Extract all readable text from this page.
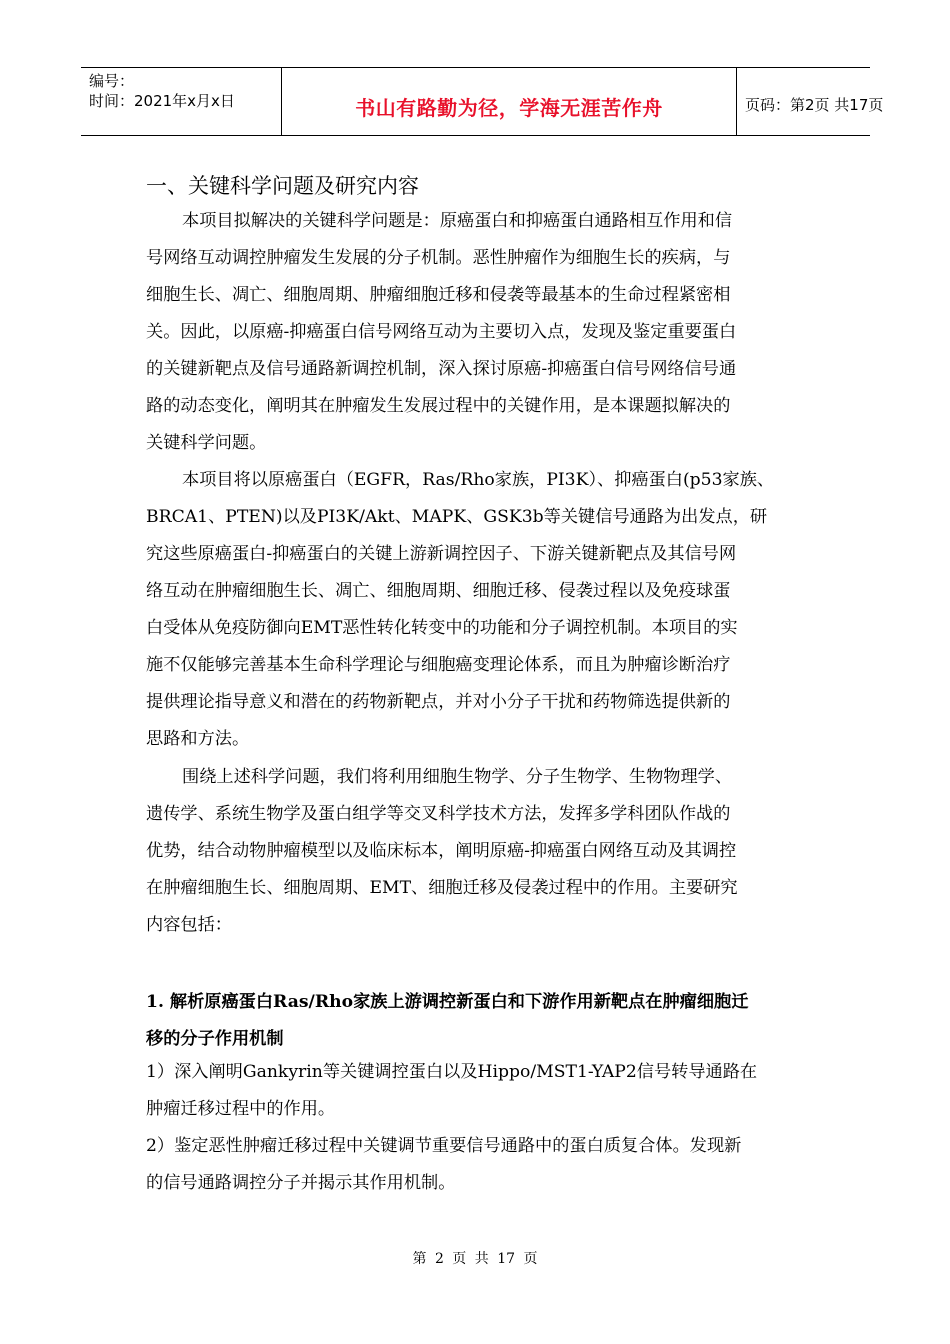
编号：
时间：2021年x月x日	书山有路勤为径，学海无涯苦作舟	页码：第2页 共17页
一、关键科学问题及研究内容
本项目拟解决的关键科学问题是：原癌蛋白和抑癌蛋白通路相互作用和信
号网络互动调控肿瘤发生发展的分子机制。恶性肿瘤作为细胞生长的疾病，与
细胞生长、凋亡、细胞周期、肿瘤细胞迁移和侵袭等最基本的生命过程紧密相
关。因此，以原癌-抑癌蛋白信号网络互动为主要切入点，发现及鉴定重要蛋白
的关键新靶点及信号通路新调控机制，深入探讨原癌-抑癌蛋白信号网络信号通
路的动态变化，阐明其在肿瘤发生发展过程中的关键作用，是本课题拟解决的
关键科学问题。
本项目将以原癌蛋白（EGFR，Ras/Rho家族，PI3K）、抑癌蛋白(p53家族、
BRCA1、PTEN)以及PI3K/Akt、MAPK、GSK3b等关键信号通路为出发点，研
究这些原癌蛋白-抑癌蛋白的关键上游新调控因子、下游关键新靶点及其信号网
络互动在肿瘤细胞生长、凋亡、细胞周期、细胞迁移、侵袭过程以及免疫球蛋
白受体从免疫防御向EMT恶性转化转变中的功能和分子调控机制。本项目的实
施不仅能够完善基本生命科学理论与细胞癌变理论体系，而且为肿瘤诊断治疗
提供理论指导意义和潜在的药物新靶点，并对小分子干扰和药物筛选提供新的
思路和方法。
围绕上述科学问题，我们将利用细胞生物学、分子生物学、生物物理学、
遗传学、系统生物学及蛋白组学等交叉科学技术方法，发挥多学科团队作战的
优势，结合动物肿瘤模型以及临床标本，阐明原癌-抑癌蛋白网络互动及其调控
在肿瘤细胞生长、细胞周期、EMT、细胞迁移及侵袭过程中的作用。主要研究
内容包括：
1. 解析原癌蛋白Ras/Rho家族上游调控新蛋白和下游作用新靶点在肿瘤细胞迁
移的分子作用机制
1）深入阐明Gankyrin等关键调控蛋白以及Hippo/MST1-YAP2信号转导通路在
肿瘤迁移过程中的作用。
2）鉴定恶性肿瘤迁移过程中关键调节重要信号通路中的蛋白质复合体。发现新
的信号通路调控分子并揭示其作用机制。
第 2 页 共 17 页
